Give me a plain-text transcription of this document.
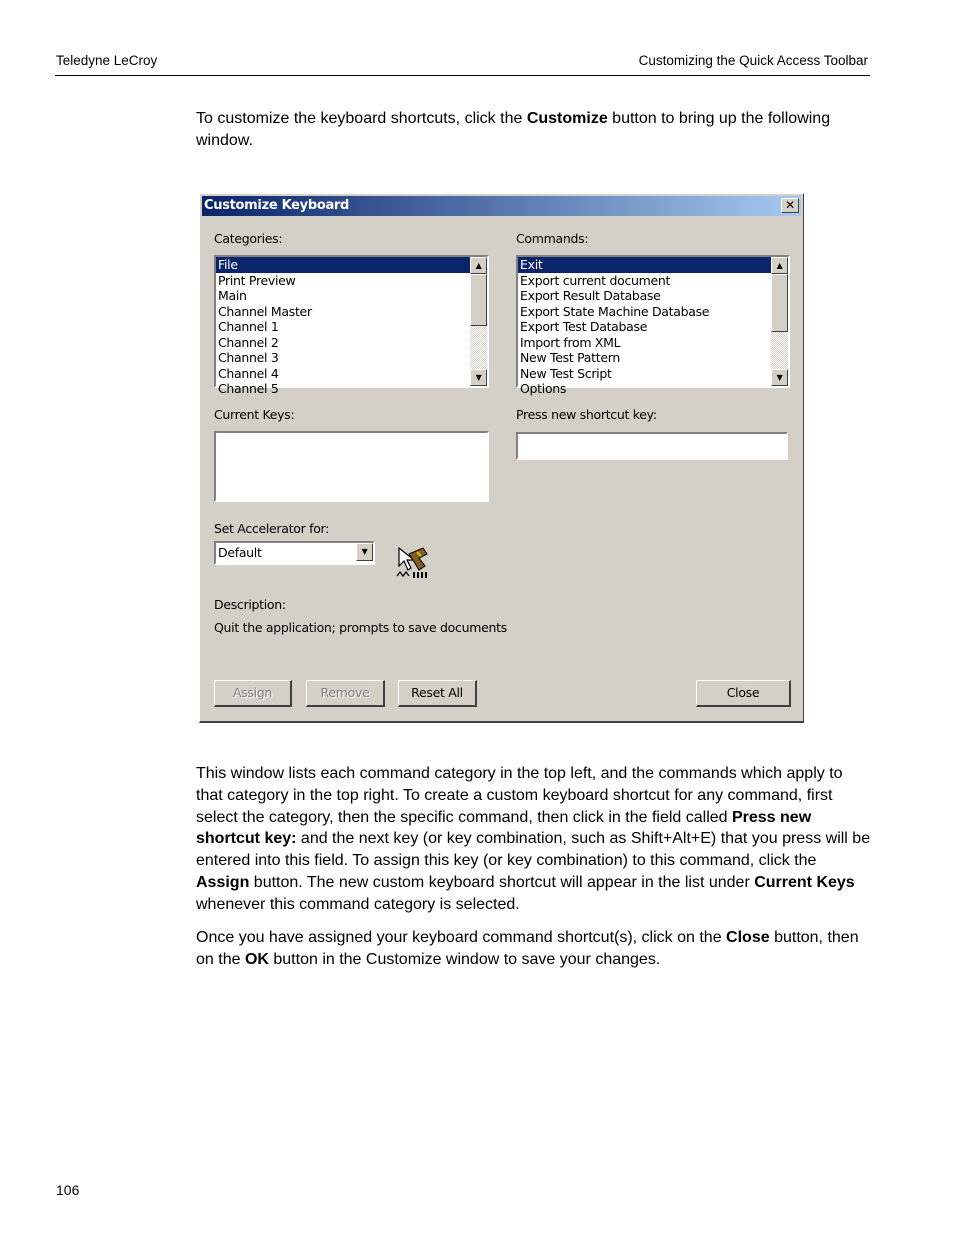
Teledyne LeCroy	Customizing the Quick Access Toolbar
To customize the keyboard shortcuts, click the Customize button to bring up the following window.
Customize Keyboard	✕
Categories:
File
Print Preview
Main
Channel Master
Channel 1
Channel 2
Channel 3
Channel 4
Channel 5
▲
▼
Commands:
Exit
Export current document
Export Result Database
Export State Machine Database
Export Test Database
Import from XML
New Test Pattern
New Test Script
Options
▲
▼
Current Keys:	Press new shortcut key:
Set Accelerator for:
Default	▼
Description:
Quit the application; prompts to save documents
Assign	Remove	Reset All	Close
This window lists each command category in the top left, and the commands which apply to that category in the top right. To create a custom keyboard shortcut for any command, first select the category, then the specific command, then click in the field called Press new shortcut key: and the next key (or key combination, such as Shift+Alt+E) that you press will be entered into this field. To assign this key (or key combination) to this command, click the Assign button. The new custom keyboard shortcut will appear in the list under Current Keys whenever this command category is selected.
Once you have assigned your keyboard command shortcut(s), click on the Close button, then on the OK button in the Customize window to save your changes.
106
